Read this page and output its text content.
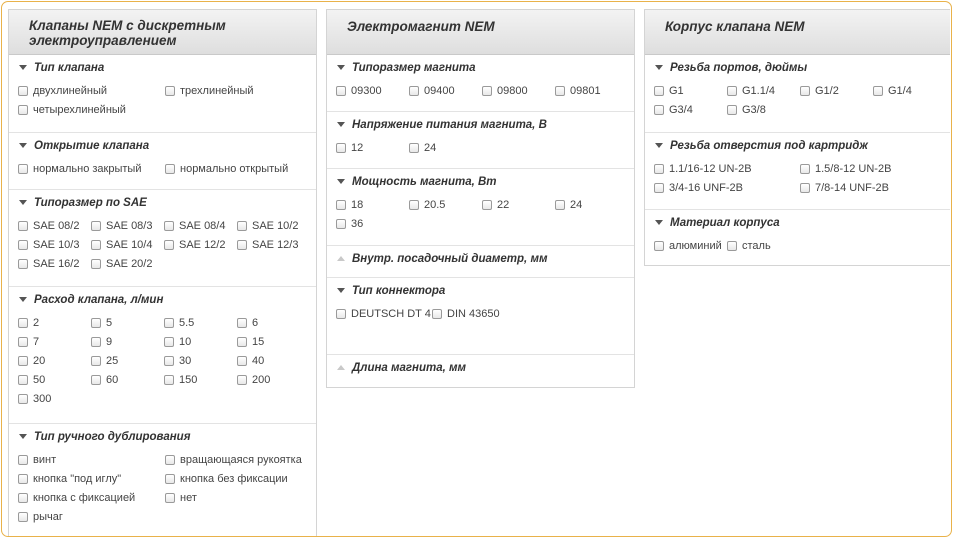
Клапаны NEM с дискретным
электроуправлением
Тип клапана
двухлинейный	трехлинейный
четырехлинейный
Открытие клапана
нормально закрытый	нормально открытый
Типоразмер по SAE
SAE 08/2	SAE 08/3	SAE 08/4	SAE 10/2
SAE 10/3	SAE 10/4	SAE 12/2	SAE 12/3
SAE 16/2	SAE 20/2
Расход клапана, л/мин
2	5	5.5	6
7	9	10	15
20	25	30	40
50	60	150	200
300
Тип ручного дублирования
винт	вращающаяся рукоятка
кнопка "под иглу"	кнопка без фиксации
кнопка с фиксацией	нет
рычаг
Электромагнит NEM
Типоразмер магнита
09300	09400	09800	09801
Напряжение питания магнита, В
12	24
Мощность магнита, Вт
18	20.5	22	24
36
Внутр. посадочный диаметр, мм
Тип коннектора
DEUTSCH DT 4	DIN 43650
Длина магнита, мм
Корпус клапана NEM
Резьба портов, дюймы
G1	G1.1/4	G1/2	G1/4
G3/4	G3/8
Резьба отверстия под картридж
1.1/16-12 UN-2B	1.5/8-12 UN-2B
3/4-16 UNF-2B	7/8-14 UNF-2B
Материал корпуса
алюминий	сталь
